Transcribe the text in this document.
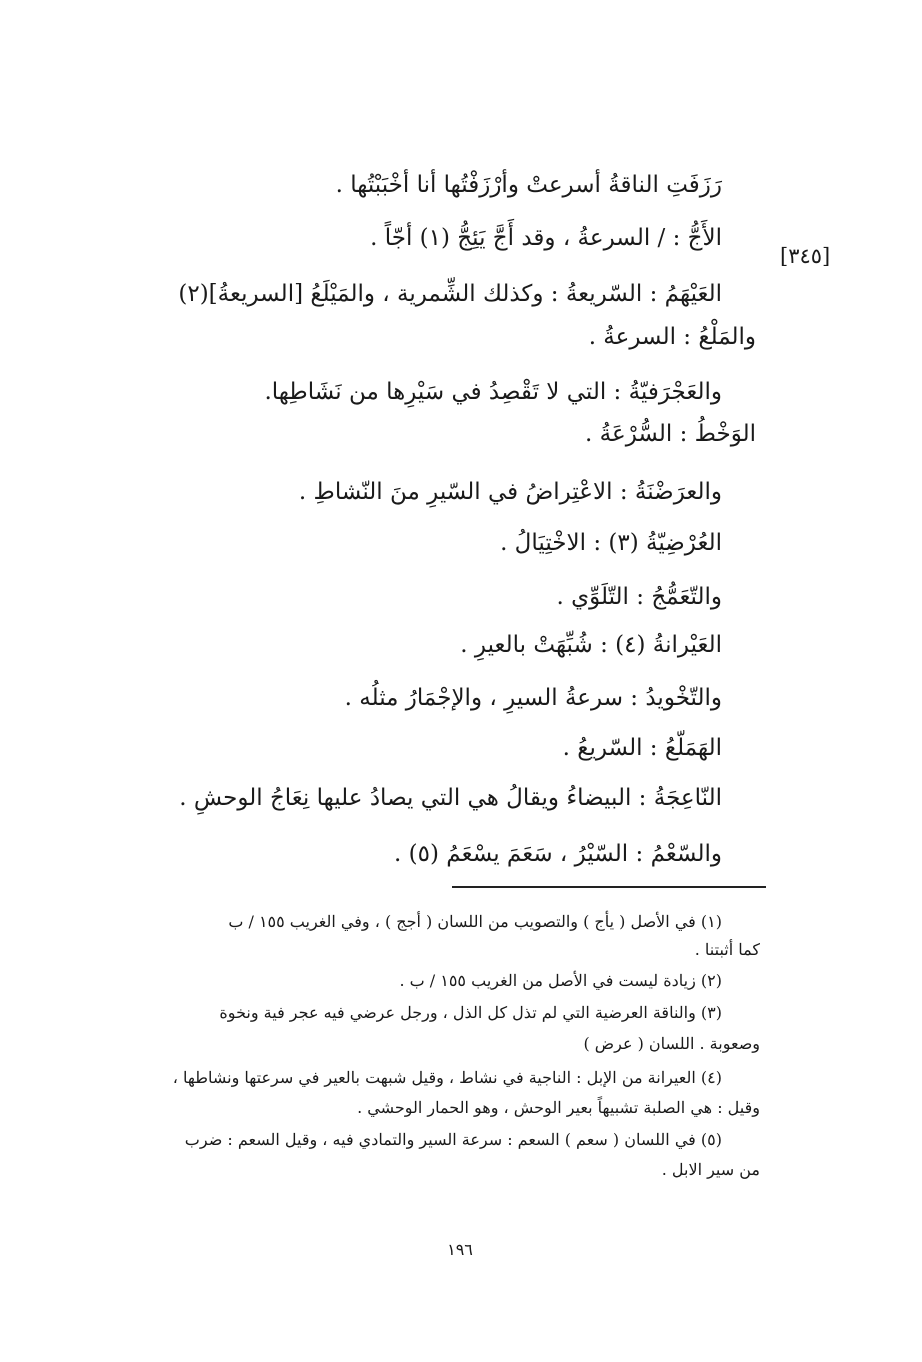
[٣٤٥]
رَزَفَتِ الناقةُ أسرعتْ وأرْزَفْتُها أنا أخْبَبْتُها .
الأَجُّ : / السرعةُ ، وقد أَجَّ يَئِجُّ (١) أجّاً .
العَيْهَمُ : السّريعةُ : وكذلك الشِّمرية ، والمَيْلَعُ [السريعةُ](٢)
والمَلْعُ : السرعةُ .
والعَجْرَفيّةُ : التي لا تَقْصِدُ في سَيْرِها من نَشَاطِها.
الوَخْطُ : السُّرْعَةُ .
والعرَضْنَةُ : الاعْتِراضُ في السّيرِ منَ النّشاطِ .
العُرْضِيّةُ (٣) : الاخْتِيَالُ .
والتّعَمُّجُ : التّلَوِّي .
العَيْرانةُ (٤) : شُبِّهَتْ بالعيرِ .
والتّخْويدُ : سرعةُ السيرِ ، والإجْمَارُ مثلُه .
الهَمَلّعُ : السّريعُ .
النّاعِجَةُ : البيضاءُ ويقالُ هي التي يصادُ عليها نِعَاجُ الوحشِ .
والسّعْمُ : السّيْرُ ، سَعَمَ يسْعَمُ (٥) .
(١) في الأصل ( يأج ) والتصويب من اللسان ( أجج ) ، وفي الغريب ١٥٥ / ب
كما أثبتنا .
(٢) زيادة ليست في الأصل من الغريب ١٥٥ / ب .
(٣) والناقة العرضية التي لم تذل كل الذل ، ورجل عرضي فيه عجر فية ونخوة
وصعوبة . اللسان ( عرض )
(٤) العيرانة من الإبل : الناجية في نشاط ، وقيل شبهت بالعير في سرعتها ونشاطها ،
وقيل : هي الصلبة تشبيهاً بعير الوحش ، وهو الحمار الوحشي .
(٥) في اللسان ( سعم ) السعم : سرعة السير والتمادي فيه ، وقيل السعم : ضرب
من سير الابل .
١٩٦
